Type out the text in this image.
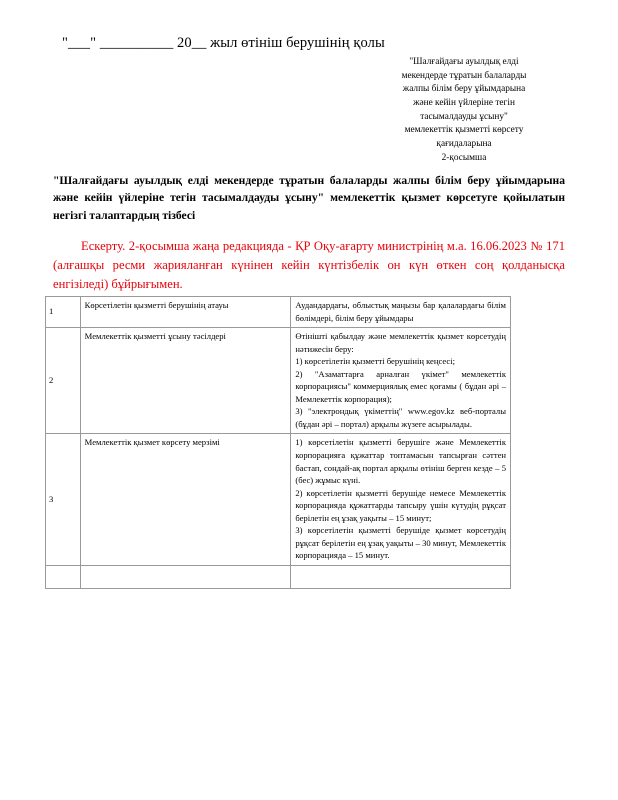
"___" __________ 20__ жыл өтініш берушінің қолы
"Шалғайдағы ауылдық елді
мекендерде тұратын балаларды
жалпы білім беру ұйымдарына
және кейін үйлеріне тегін
тасымалдауды ұсыну"
мемлекеттік қызметті көрсету
қағидаларына
2-қосымша
"Шалғайдағы ауылдық елді мекендерде тұратын балаларды жалпы білім беру ұйымдарына және кейін үйлеріне тегін тасымалдауды ұсыну" мемлекеттік қызмет көрсетуге қойылатын негізгі талаптардың тізбесі
Ескерту. 2-қосымша жаңа редакцияда - ҚР Оқу-ағарту министрінің м.а. 16.06.2023 № 171 (алғашқы ресми жарияланған күнінен кейін күнтізбелік он күн өткен соң қолданысқа енгізіледі) бұйрығымен.
1	Көрсетілетін қызметті берушінің атауы	Аудандардағы, облыстық маңызы бар қалалардағы білім бөлімдері, білім беру ұйымдары

2	Мемлекеттік қызметті ұсыну тәсілдері	Өтінішті қабылдау және мемлекеттік қызмет көрсетудің нәтижесін беру:
1) көрсетілетін қызметті берушінің кеңсесі;
2) "Азаматтарға арналған үкімет" мемлекеттік корпорациясы" коммерциялық емес қоғамы ( бұдан әрі – Мемлекеттік корпорация);
3) "электрондық үкіметтің" www.egov.kz веб-порталы (бұдан әрі – портал) арқылы жүзеге асырылады.

3	Мемлекеттік қызмет көрсету мерзімі	1) көрсетілетін қызметті берушіге және Мемлекеттік корпорацияға құжаттар топтамасын тапсырған сәттен бастап, сондай-ақ портал арқылы өтініш берген кезде – 5 (бес) жұмыс күні.
2) көрсетілетін қызметті берушіде немесе Мемлекеттік корпорацияда құжаттарды тапсыру үшін күтудің рұқсат берілетін ең ұзақ уақыты – 15 минут;
3) көрсетілетін қызметті берушіде қызмет көрсетудің рұқсат берілетін ең ұзақ уақыты – 30 минут, Мемлекеттік корпорацияда – 15 минут.
